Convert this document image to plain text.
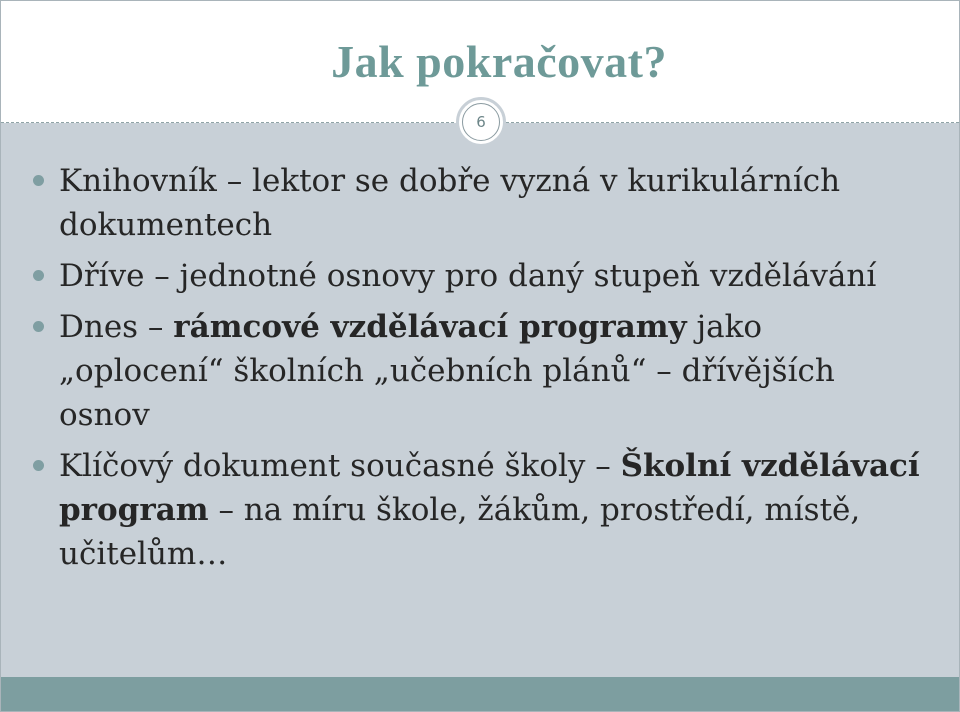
Jak pokračovat?
6
Knihovník – lektor se dobře vyzná v kurikulárních dokumentech
Dříve – jednotné osnovy pro daný stupeň vzdělávání
Dnes – rámcové vzdělávací programy jako „oplocení“ školních „učebních plánů“ – dřívějších osnov
Klíčový dokument současné školy – Školní vzdělávací program – na míru škole, žákům, prostředí, místě, učitelům…
